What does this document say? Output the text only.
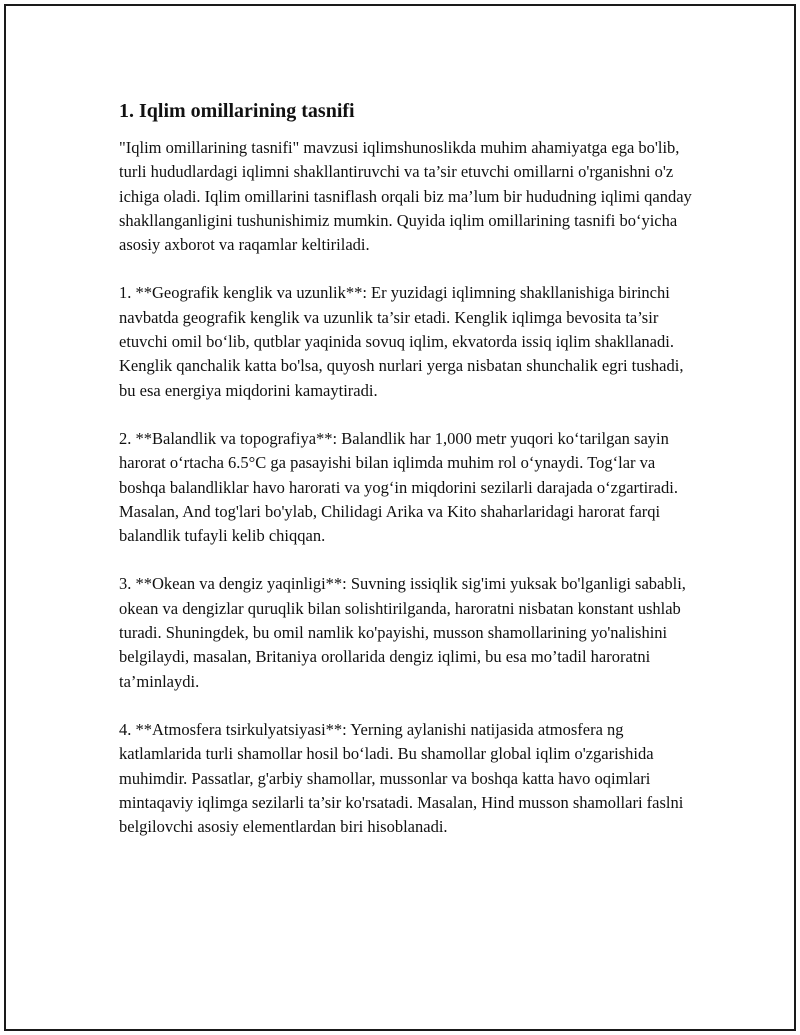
1. Iqlim omillarining tasnifi

"Iqlim omillarining tasnifi" mavzusi iqlimshunoslikda muhim ahamiyatga ega bo'lib, turli hududlardagi iqlimni shakllantiruvchi va ta’sir etuvchi omillarni o'rganishni o'z ichiga oladi. Iqlim omillarini tasniflash orqali biz ma’lum bir hududning iqlimi qanday shakllanganligini tushunishimiz mumkin. Quyida iqlim omillarining tasnifi bo‘yicha asosiy axborot va raqamlar keltiriladi.

1. **Geografik kenglik va uzunlik**: Er yuzidagi iqlimning shakllanishiga birinchi navbatda geografik kenglik va uzunlik ta’sir etadi. Kenglik iqlimga bevosita ta’sir etuvchi omil bo‘lib, qutblar yaqinida sovuq iqlim, ekvatorda issiq iqlim shakllanadi. Kenglik qanchalik katta bo'lsa, quyosh nurlari yerga nisbatan shunchalik egri tushadi, bu esa energiya miqdorini kamaytiradi.

2. **Balandlik va topografiya**: Balandlik har 1,000 metr yuqori ko‘tarilgan sayin harorat o‘rtacha 6.5°C ga pasayishi bilan iqlimda muhim rol o‘ynaydi. Tog‘lar va boshqa balandliklar havo harorati va yog‘in miqdorini sezilarli darajada o‘zgartiradi. Masalan, And tog'lari bo'ylab, Chilidagi Arika va Kito shaharlaridagi harorat farqi balandlik tufayli kelib chiqqan.

3. **Okean va dengiz yaqinligi**: Suvning issiqlik sig'imi yuksak bo'lganligi sababli, okean va dengizlar quruqlik bilan solishtirilganda, haroratni nisbatan konstant ushlab turadi. Shuningdek, bu omil namlik ko'payishi, musson shamollarining yo'nalishini belgilaydi, masalan, Britaniya orollarida dengiz iqlimi, bu esa mo’tadil haroratni ta’minlaydi.

4. **Atmosfera tsirkulyatsiyasi**: Yerning aylanishi natijasida atmosfera ng katlamlarida turli shamollar hosil bo‘ladi. Bu shamollar global iqlim o'zgarishida muhimdir. Passatlar, g'arbiy shamollar, mussonlar va boshqa katta havo oqimlari mintaqaviy iqlimga sezilarli ta’sir ko'rsatadi. Masalan, Hind musson shamollari faslni belgilovchi asosiy elementlardan biri hisoblanadi.
